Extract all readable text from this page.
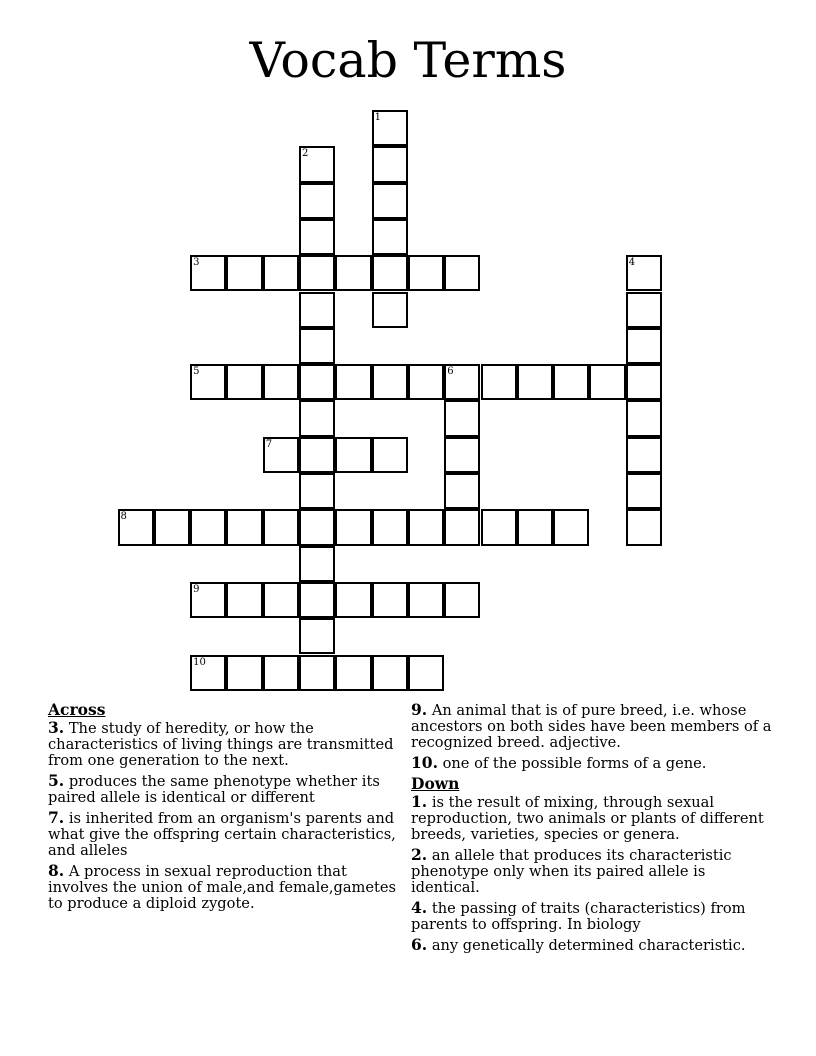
Vocab Terms
1
2
3	4
5	6
7
8
9
10
Across
3. The study of heredity, or how the characteristics of living things are transmitted from one generation to the next.
5. produces the same phenotype whether its paired allele is identical or different
7. is inherited from an organism's parents and what give the offspring certain characteristics, and alleles
8. A process in sexual reproduction that involves the union of male,and female,gametes to produce a diploid zygote.
9. An animal that is of pure breed, i.e. whose ancestors on both sides have been members of a recognized breed. adjective.
10. one of the possible forms of a gene.
Down
1. is the result of mixing, through sexual reproduction, two animals or plants of different breeds, varieties, species or genera.
2. an allele that produces its characteristic phenotype only when its paired allele is identical.
4. the passing of traits (characteristics) from parents to offspring. In biology
6. any genetically determined characteristic.
